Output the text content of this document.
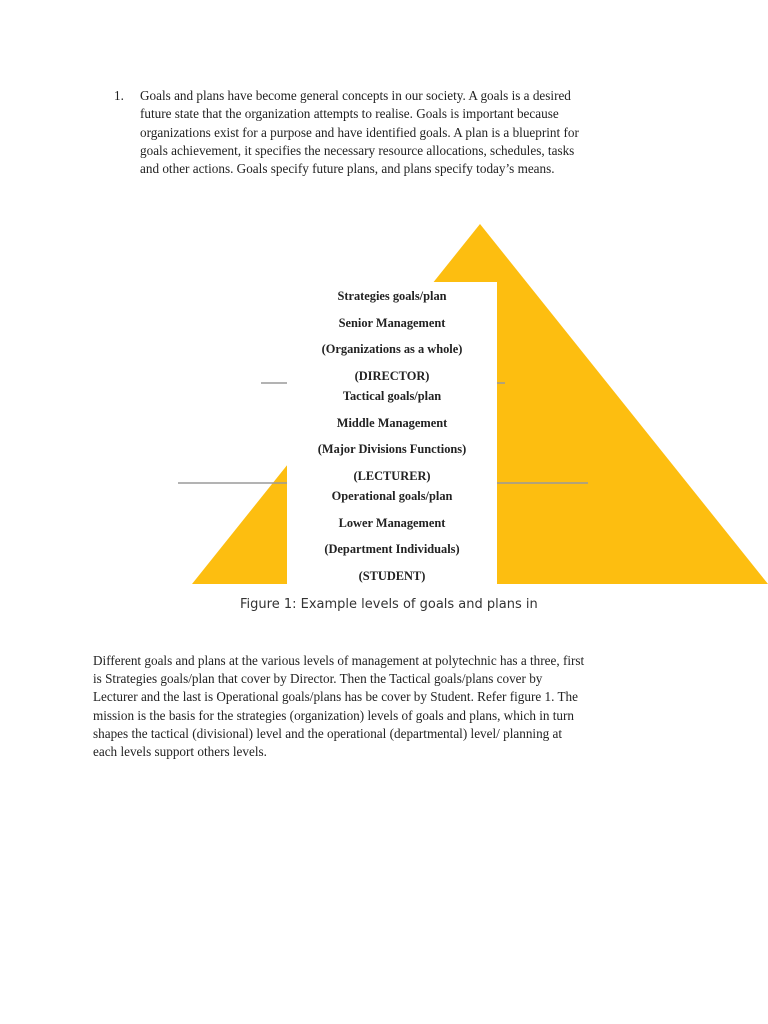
1. Goals and plans have become general concepts in our society. A goals is a desired
future state that the organization attempts to realise. Goals is important because
organizations exist for a purpose and have identified goals. A plan is a blueprint for
goals achievement, it specifies the necessary resource allocations, schedules, tasks
and other actions. Goals specify future plans, and plans specify today’s means.
Strategies goals/plan
Senior Management
(Organizations as a whole)
(DIRECTOR)
Tactical goals/plan
Middle Management
(Major Divisions Functions)
(LECTURER)
Operational goals/plan
Lower Management
(Department Individuals)
(STUDENT)
Figure 1: Example levels of goals and plans in
Different goals and plans at the various levels of management at polytechnic has a three, first
is Strategies goals/plan that cover by Director. Then the Tactical goals/plans cover by
Lecturer and the last is Operational goals/plans has be cover by Student. Refer figure 1. The
mission is the basis for the strategies (organization) levels of goals and plans, which in turn
shapes the tactical (divisional) level and the operational (departmental) level/ planning at
each levels support others levels.
